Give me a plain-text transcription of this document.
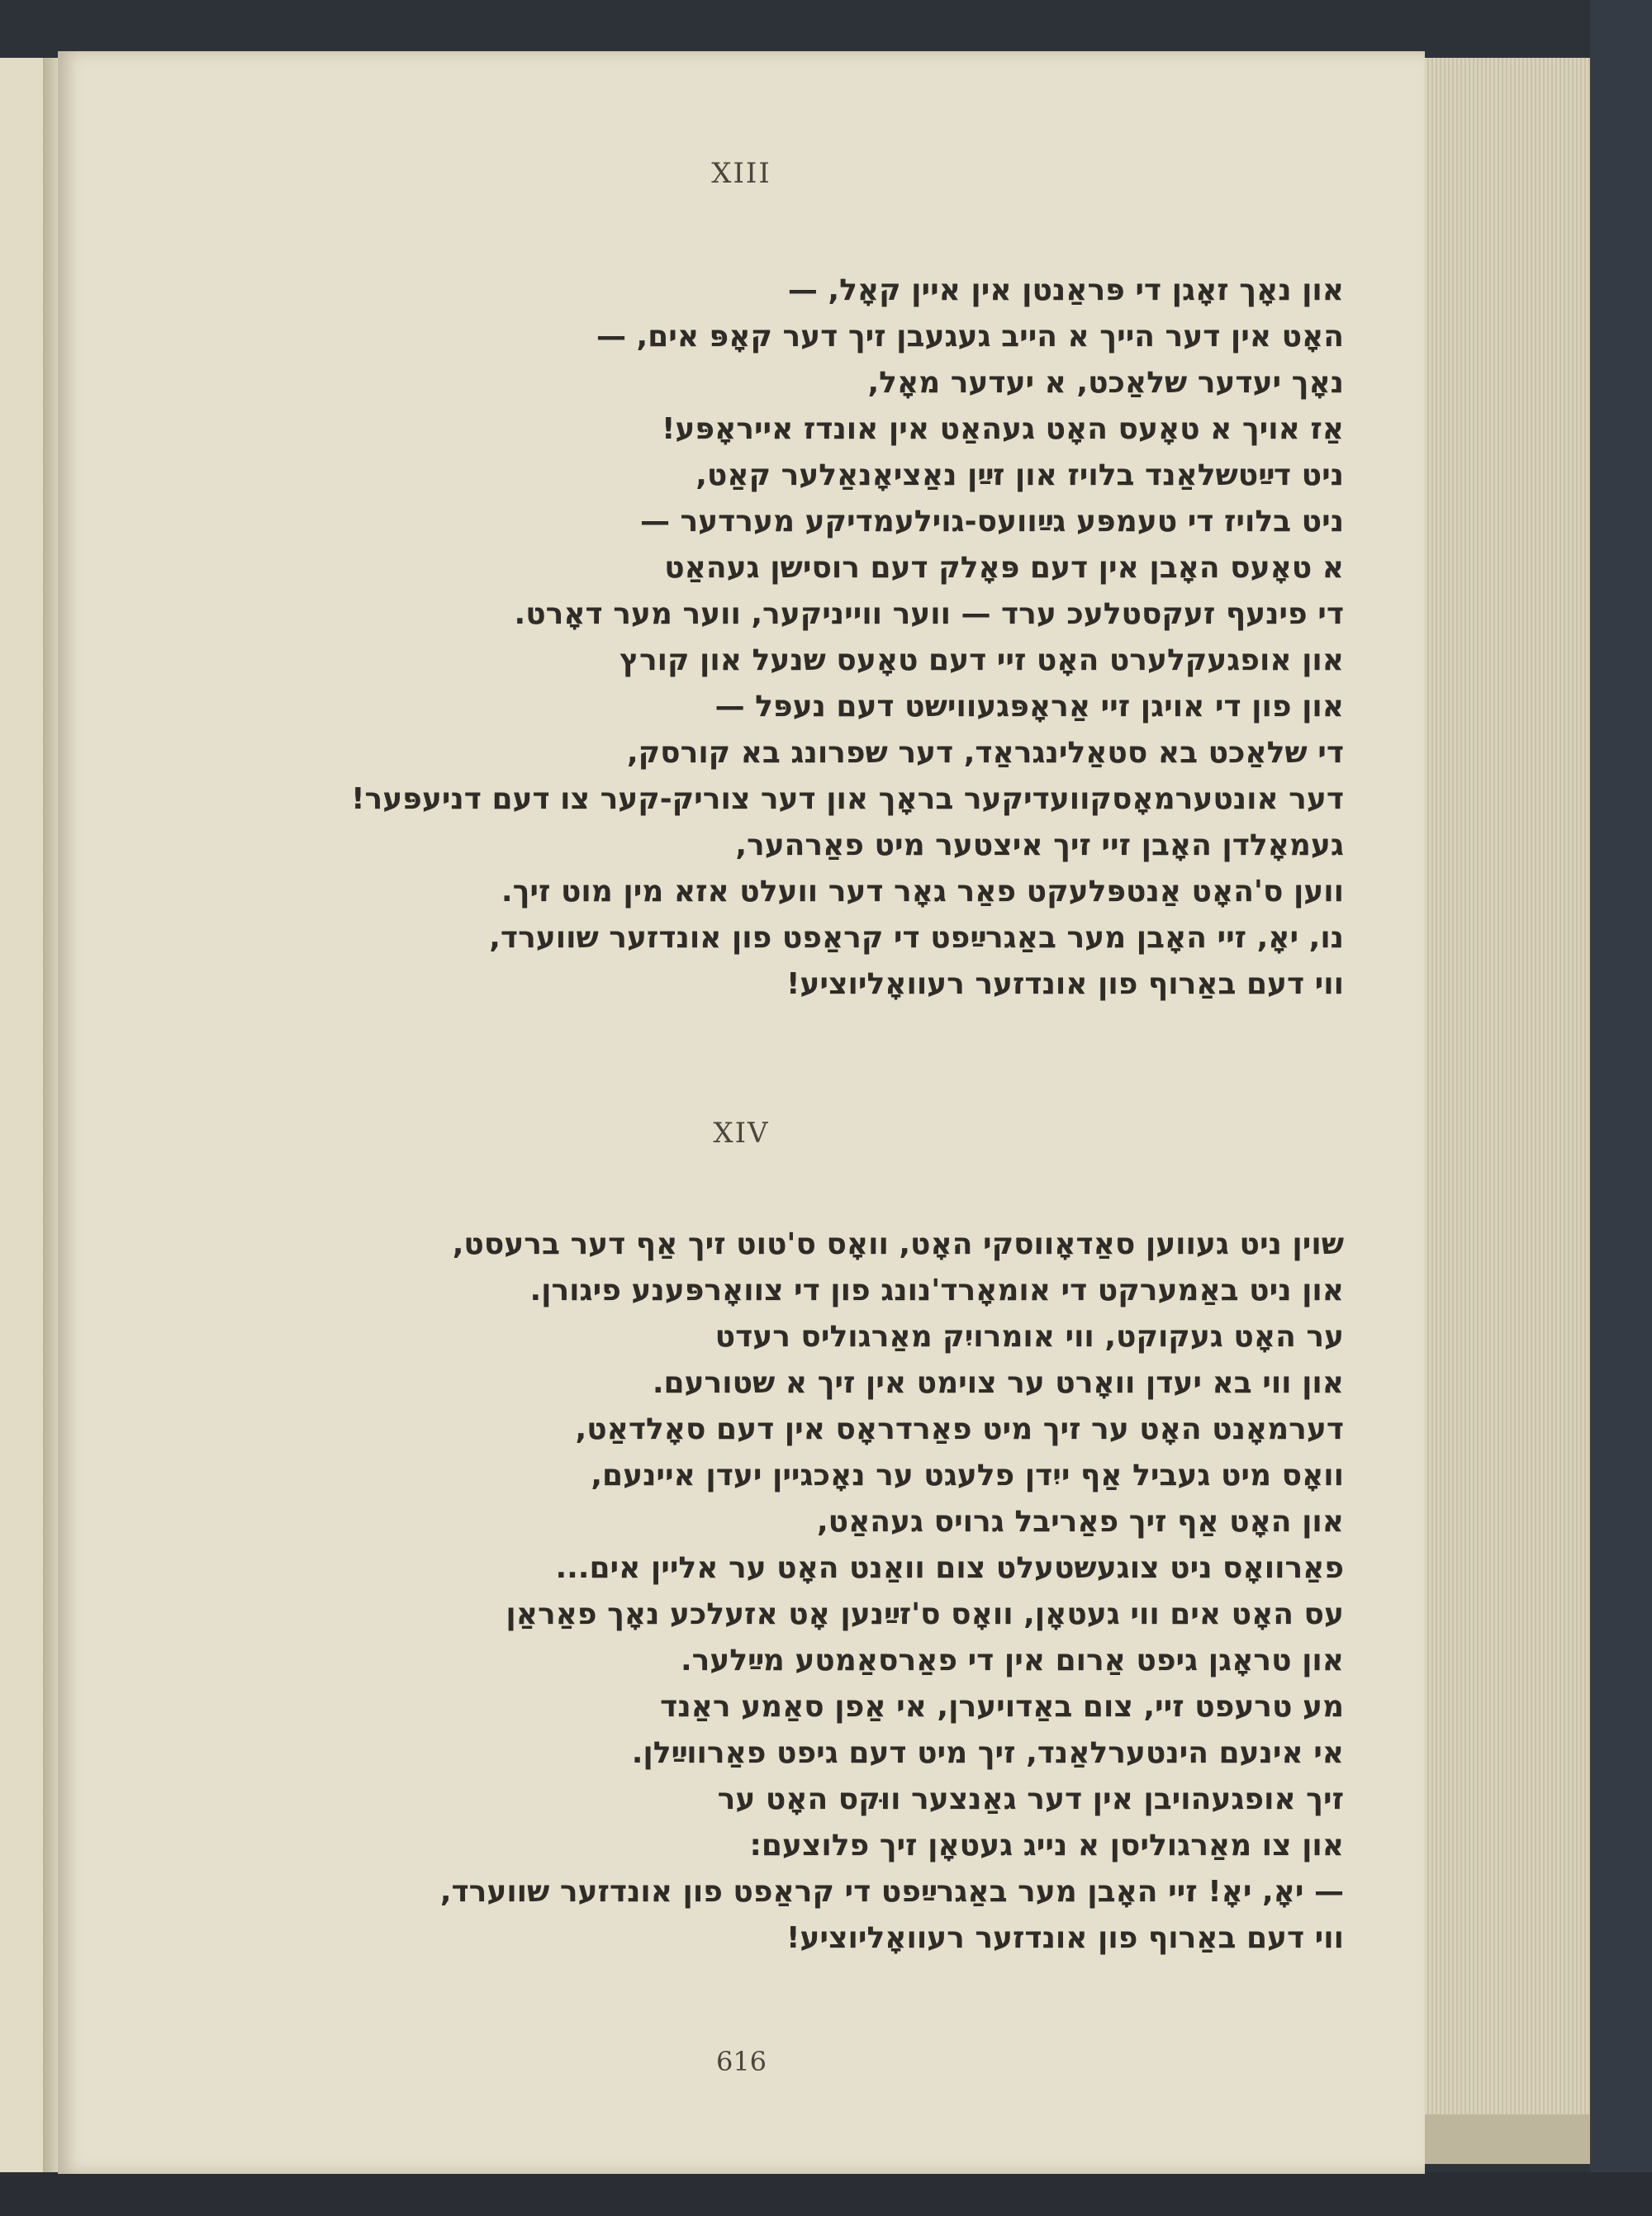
XIII
און נאָך זאָגן די פּראַנטן אין איין קאָל, —
האָט אין דער הייך א הייב געגעבן זיך דער קאָפּ אים, —
נאָך יעדער שלאַכט, א יעדער מאָל,
אַז אויך א טאָעס האָט געהאַט אין אונדז אייראָפּע!
ניט דײַטשלאַנד בלויז און זײַן נאַציאָנאַלער קאַט,
ניט בלויז די טעמפּע גײַוועס-גוילעמדיקע מערדער —
א טאָעס האָבן אין דעם פּאָלק דעם רוסישן געהאַט
די פינעף זעקסטלעכ ערד — ווער ווייניקער, ווער מער דאָרט.
און אופגעקלערט האָט זיי דעם טאָעס שנעל און קורץ
און פון די אויגן זיי אַראָפּגעווישט דעם נעפּל —
די שלאַכט בא סטאַלינגראַד, דער שפרונג בא קורסק,
דער אונטערמאָסקוועדיקער בראָך און דער צוריק-קער צו דעם דניעפּער!
געמאָלדן האָבן זיי זיך איצטער מיט פאַרהער,
ווען ס'האָט אַנטפּלעקט פאַר גאָר דער וועלט אזא מין מוט זיך.
נו, יאָ, זיי האָבן מער באַגרײַפט די קראַפט פון אונדזער שווערד,
ווי דעם באַרוף פון אונדזער רעוואָליוציע!
XIV
שוין ניט געווען סאַדאָווסקי האָט, וואָס ס'טוט זיך אַף דער ברעסט,
און ניט באַמערקט די אומאָרד'נונג פון די צוואָרפּענע פיגורן.
ער האָט געקוקט, ווי אומרויִק מאַרגוליס רעדט
און ווי בא יעדן וואָרט ער צוימט אין זיך א שטורעם.
דערמאָנט האָט ער זיך מיט פאַרדראָס אין דעם סאָלדאַט,
וואָס מיט געביל אַף ייִדן פלעגט ער נאָכגיין יעדן איינעם,
און האָט אַף זיך פאַריבל גרויס געהאַט,
פאַרוואָס ניט צוגעשטעלט צום וואַנט האָט ער אליין אים...
עס האָט אים ווי געטאָן, וואָס ס'זײַנען אָט אזעלכע נאָך פאַראַן
און טראָגן גיפט אַרום אין די פאַרסאַמטע מײַלער.
מע טרעפט זיי, צום באַדויערן, אי אַפן סאַמע ראַנד
אי אינעם הינטערלאַנד, זיך מיט דעם גיפט פאַרווײַלן.
זיך אופגעהויבן אין דער גאַנצער ווּקס האָט ער
און צו מאַרגוליסן א נייג געטאָן זיך פלוצעם:
— יאָ, יאָ! זיי האָבן מער באַגרײַפט די קראַפט פון אונדזער שווערד,
ווי דעם באַרוף פון אונדזער רעוואָליוציע!
616
